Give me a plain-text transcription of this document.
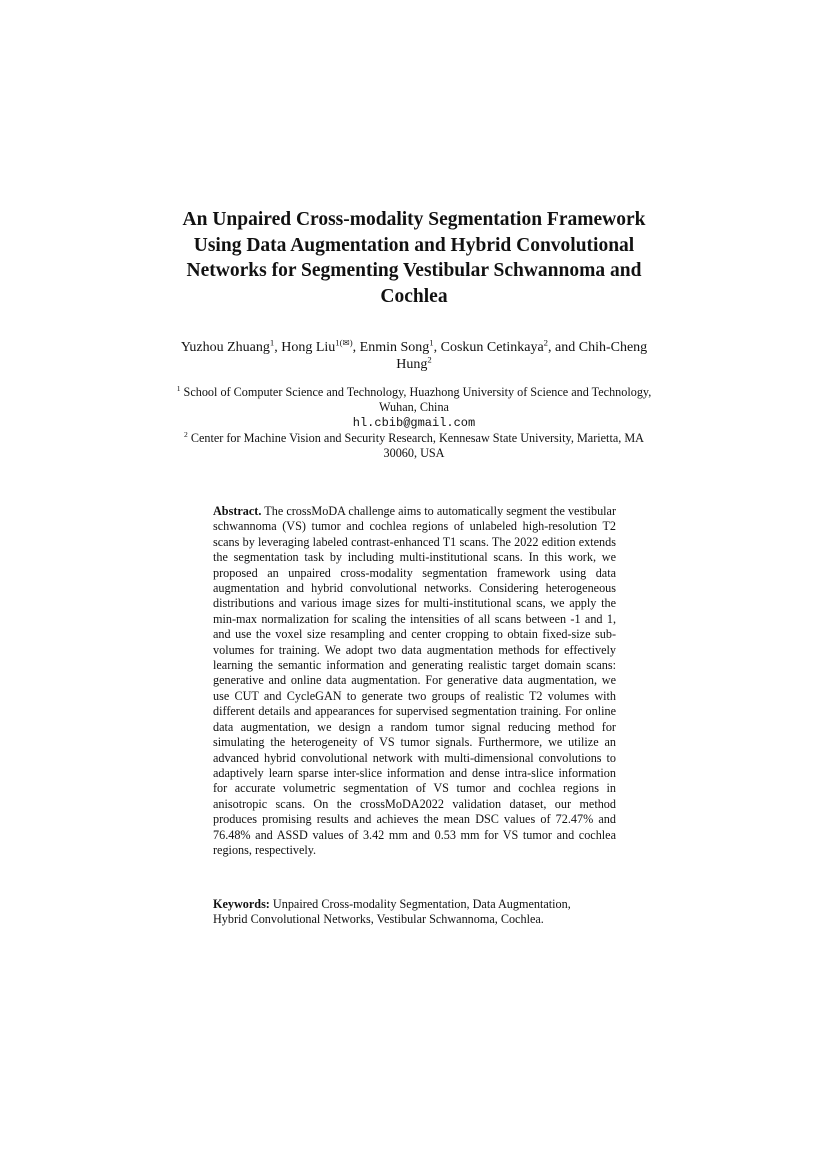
An Unpaired Cross-modality Segmentation Framework
Using Data Augmentation and Hybrid Convolutional
Networks for Segmenting Vestibular Schwannoma and
Cochlea
Yuzhou Zhuang$^1$, Hong Liu$^{1(✉)}$, Enmin Song$^1$, Coskun Cetinkaya$^2$, and Chih-Cheng Hung$^2$
$^1$ School of Computer Science and Technology, Huazhong University of Science and Technology, Wuhan, China
hl.cbib@gmail.com
$^2$ Center for Machine Vision and Security Research, Kennesaw State University, Marietta, MA 30060, USA
Abstract. The crossMoDA challenge aims to automatically segment the vestibular schwannoma (VS) tumor and cochlea regions of unlabeled high-resolution T2 scans by leveraging labeled contrast-enhanced T1 scans. The 2022 edition extends the segmentation task by including multi-institutional scans. In this work, we proposed an unpaired cross-modality segmentation framework using data augmentation and hybrid convolutional networks. Considering heterogeneous distributions and various image sizes for multi-institutional scans, we apply the min-max normalization for scaling the intensities of all scans between -1 and 1, and use the voxel size resampling and center cropping to obtain fixed-size sub-volumes for training. We adopt two data augmentation methods for effectively learning the semantic information and generating realistic target domain scans: generative and online data augmentation. For generative data augmentation, we use CUT and CycleGAN to generate two groups of realistic T2 volumes with different details and appearances for supervised segmentation training. For online data augmentation, we design a random tumor signal reducing method for simulating the heterogeneity of VS tumor signals. Furthermore, we utilize an advanced hybrid convolutional network with multi-dimensional convolutions to adaptively learn sparse inter-slice information and dense intra-slice information for accurate volumetric segmentation of VS tumor and cochlea regions in anisotropic scans. On the crossMoDA2022 validation dataset, our method produces promising results and achieves the mean DSC values of 72.47% and 76.48% and ASSD values of 3.42 mm and 0.53 mm for VS tumor and cochlea regions, respectively.
Keywords: Unpaired Cross-modality Segmentation, Data Augmentation,
Hybrid Convolutional Networks, Vestibular Schwannoma, Cochlea.
